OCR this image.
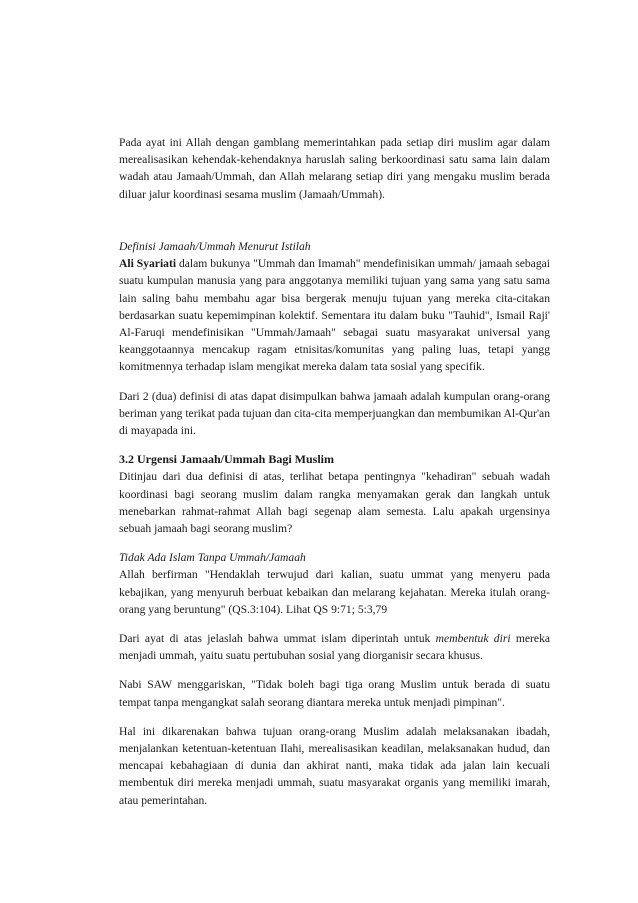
Pada ayat ini Allah dengan gamblang memerintahkan pada setiap diri muslim agar dalam merealisasikan kehendak-kehendaknya haruslah saling berkoordinasi satu sama lain dalam wadah atau Jamaah/Ummah, dan Allah melarang setiap diri yang mengaku muslim berada diluar jalur koordinasi sesama muslim (Jamaah/Ummah).

Definisi Jamaah/Ummah Menurut Istilah

Ali Syariati dalam bukunya "Ummah dan Imamah" mendefinisikan ummah/ jamaah sebagai suatu kumpulan manusia yang para anggotanya memiliki tujuan yang sama yang satu sama lain saling bahu membahu agar bisa bergerak menuju tujuan yang mereka cita-citakan berdasarkan suatu kepemimpinan kolektif. Sementara itu dalam buku "Tauhid", Ismail Raji' Al-Faruqi mendefinisikan "Ummah/Jamaah" sebagai suatu masyarakat universal yang keanggotaannya mencakup ragam etnisitas/komunitas yang paling luas, tetapi yangg komitmennya terhadap islam mengikat mereka dalam tata sosial yang specifik.

Dari 2 (dua) definisi di atas dapat disimpulkan bahwa jamaah adalah kumpulan orang-orang beriman yang terikat pada tujuan dan cita-cita memperjuangkan dan membumikan Al-Qur'an di mayapada ini.

3.2 Urgensi Jamaah/Ummah Bagi Muslim

Ditinjau dari dua definisi di atas, terlihat betapa pentingnya "kehadiran" sebuah wadah koordinasi bagi seorang muslim dalam rangka menyamakan gerak dan langkah untuk menebarkan rahmat-rahmat Allah bagi segenap alam semesta. Lalu apakah urgensinya sebuah jamaah bagi seorang muslim?

Tidak Ada Islam Tanpa Ummah/Jamaah

Allah berfirman "Hendaklah terwujud dari kalian, suatu ummat yang menyeru pada kebajikan, yang menyuruh berbuat kebaikan dan melarang kejahatan. Mereka itulah orang-orang yang beruntung" (QS.3:104). Lihat QS 9:71; 5:3,79

Dari ayat di atas jelaslah bahwa ummat islam diperintah untuk membentuk diri mereka menjadi ummah, yaitu suatu pertubuhan sosial yang diorganisir secara khusus.

Nabi SAW menggariskan, "Tidak boleh bagi tiga orang Muslim untuk berada di suatu tempat tanpa mengangkat salah seorang diantara mereka untuk menjadi pimpinan".

Hal ini dikarenakan bahwa tujuan orang-orang Muslim adalah melaksanakan ibadah, menjalankan ketentuan-ketentuan Ilahi, merealisasikan keadilan, melaksanakan hudud, dan mencapai kebahagiaan di dunia dan akhirat nanti, maka tidak ada jalan lain kecuali membentuk diri mereka menjadi ummah, suatu masyarakat organis yang memiliki imarah, atau pemerintahan.
